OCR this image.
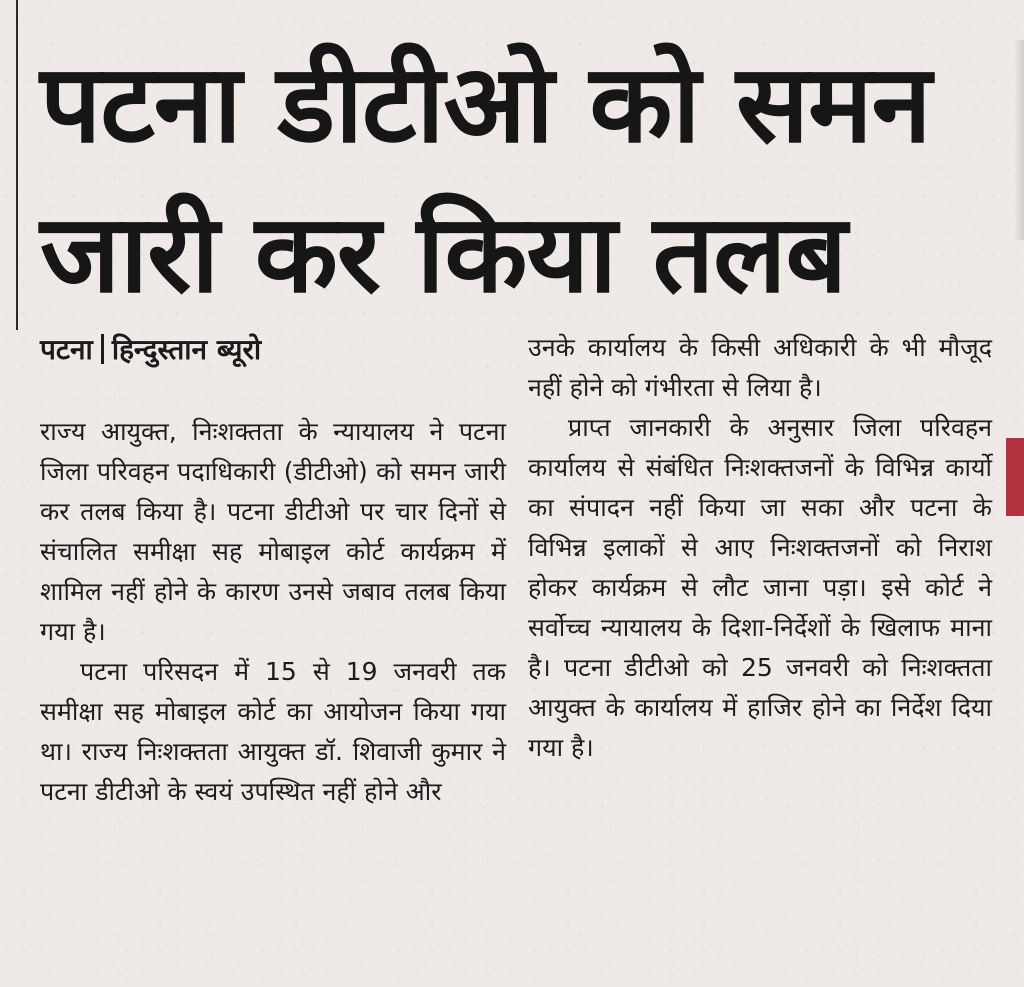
पटना डीटीओ को समन जारी कर किया तलब
पटना हिन्दुस्तान ब्यूरो

राज्य आयुक्त, निःशक्तता के न्यायालय ने पटना जिला परिवहन पदाधिकारी (डीटीओ) को समन जारी कर तलब किया है। पटना डीटीओ पर चार दिनों से संचालित समीक्षा सह मोबाइल कोर्ट कार्यक्रम में शामिल नहीं होने के कारण उनसे जबाव तलब किया गया है।

पटना परिसदन में 15 से 19 जनवरी तक समीक्षा सह मोबाइल कोर्ट का आयोजन किया गया था। राज्य निःशक्तता आयुक्त डॉ. शिवाजी कुमार ने पटना डीटीओ के स्वयं उपस्थित नहीं होने और

उनके कार्यालय के किसी अधिकारी के भी मौजूद नहीं होने को गंभीरता से लिया है।

प्राप्त जानकारी के अनुसार जिला परिवहन कार्यालय से संबंधित निःशक्तजनों के विभिन्न कार्यो का संपादन नहीं किया जा सका और पटना के विभिन्न इलाकों से आए निःशक्तजनों को निराश होकर कार्यक्रम से लौट जाना पड़ा। इसे कोर्ट ने सर्वोच्च न्यायालय के दिशा-निर्देशों के खिलाफ माना है। पटना डीटीओ को 25 जनवरी को निःशक्तता आयुक्त के कार्यालय में हाजिर होने का निर्देश दिया गया है।
